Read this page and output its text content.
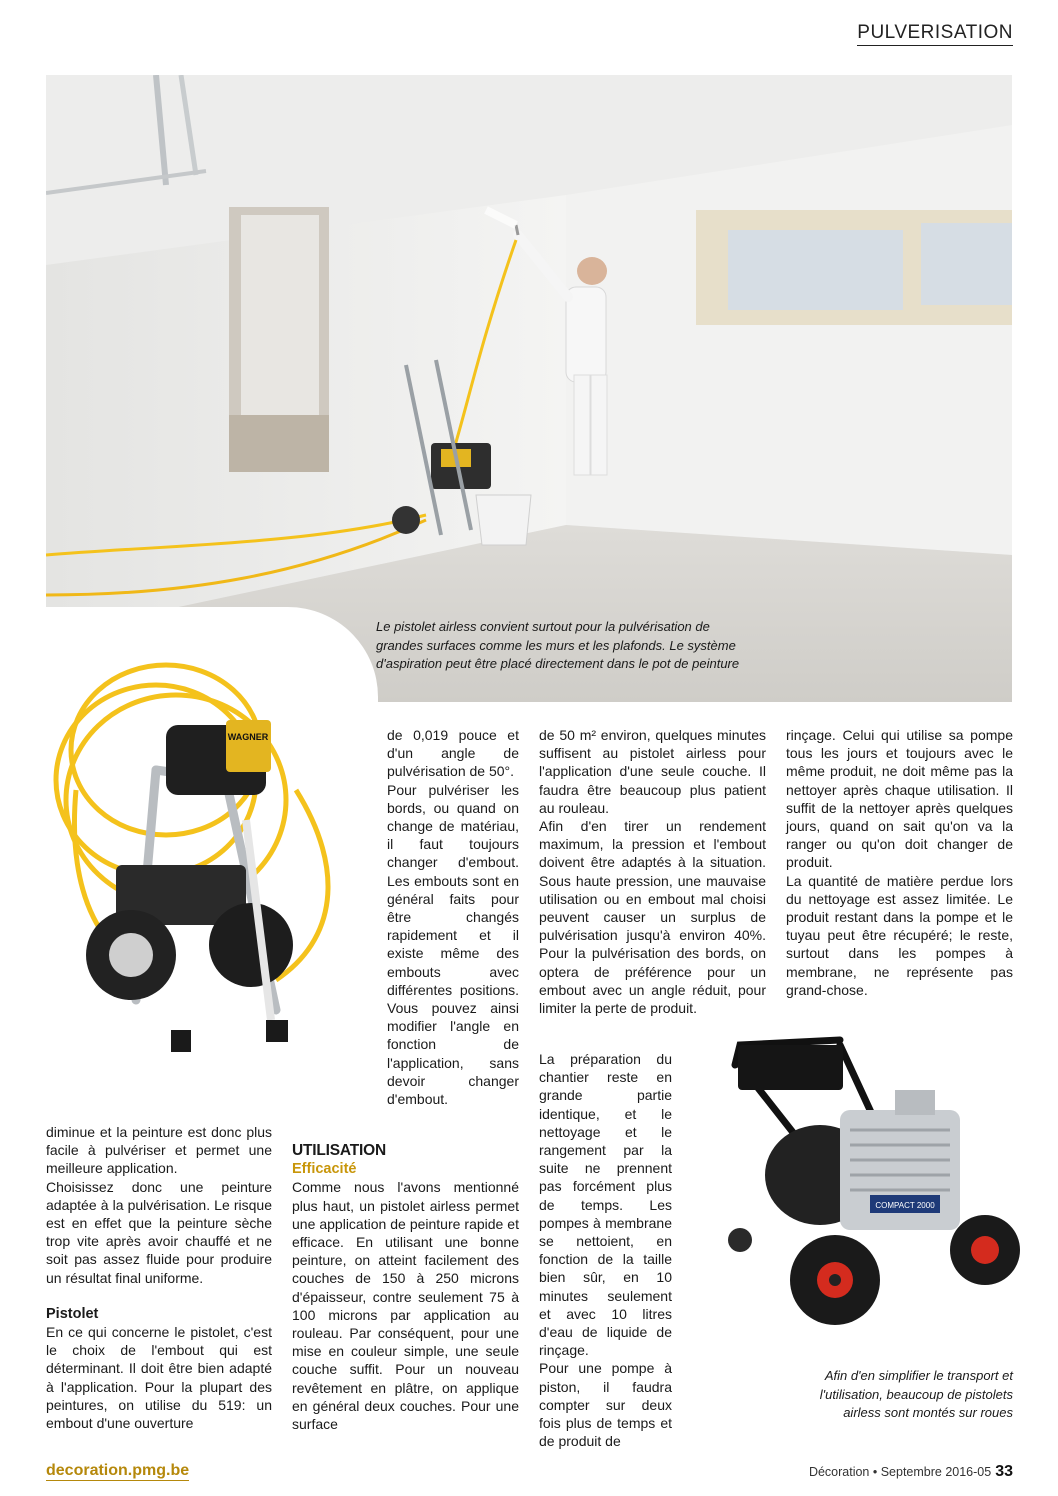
PULVERISATION
Le pistolet airless convient surtout pour la pulvérisation de grandes surfaces comme les murs et les plafonds. Le système d'aspiration peut être placé directement dans le pot de peinture
WAGNER

diminue et la peinture est donc plus facile à pulvériser et permet une meilleure application.

Choisissez donc une peinture adaptée à la pulvérisation. Le risque est en effet que la peinture sèche trop vite après avoir chauffé et ne soit pas assez fluide pour produire un résultat final uniforme.

Pistolet

En ce qui concerne le pistolet, c'est le choix de l'embout qui est déterminant. Il doit être bien adapté à l'application. Pour la plupart des peintures, on utilise du 519: un embout d'une ouverture

de 0,019 pouce et d'un angle de pulvérisation de 50°.

Pour pulvériser les bords, ou quand on change de matériau, il faut toujours changer d'embout. Les embouts sont en général faits pour être changés rapidement et il existe même des embouts avec différentes positions. Vous pouvez ainsi modifier l'angle en fonction de l'application, sans devoir changer d'embout.

UTILISATION

Efficacité

Comme nous l'avons mentionné plus haut, un pistolet airless permet une application de peinture rapide et efficace. En utilisant une bonne peinture, on atteint facilement des couches de 150 à 250 microns d'épaisseur, contre seulement 75 à 100 microns par application au rouleau. Par conséquent, pour une mise en couleur simple, une seule couche suffit. Pour un nouveau revêtement en plâtre, on applique en général deux couches. Pour une surface

de 50 m² environ, quelques minutes suffisent au pistolet airless pour l'application d'une seule couche. Il faudra être beaucoup plus patient au rouleau.

Afin d'en tirer un rendement maximum, la pression et l'embout doivent être adaptés à la situation. Sous haute pression, une mauvaise utilisation ou en embout mal choisi peuvent causer un surplus de pulvérisation jusqu'à environ 40%. Pour la pulvérisation des bords, on optera de préférence pour un embout avec un angle réduit, pour limiter la perte de produit.

La préparation du chantier reste en grande partie identique, et le nettoyage et le rangement par la suite ne prennent pas forcément plus de temps. Les pompes à membrane se nettoient, en fonction de la taille bien sûr, en 10 minutes seulement et avec 10 litres d'eau de liquide de rinçage.

Pour une pompe à piston, il faudra compter sur deux fois plus de temps et de produit de

rinçage. Celui qui utilise sa pompe tous les jours et toujours avec le même produit, ne doit même pas la nettoyer après chaque utilisation. Il suffit de la nettoyer après quelques jours, quand on sait qu'on va la ranger ou qu'on doit changer de produit.

La quantité de matière perdue lors du nettoyage est assez limitée. Le produit restant dans la pompe et le tuyau peut être récupéré; le reste, surtout dans les pompes à membrane, ne représente pas grand-chose.

COMPACT 2000
Afin d'en simplifier le transport et l'utilisation, beaucoup de pistolets airless sont montés sur roues
decoration.pmg.be	Décoration • Septembre 2016-05 33
